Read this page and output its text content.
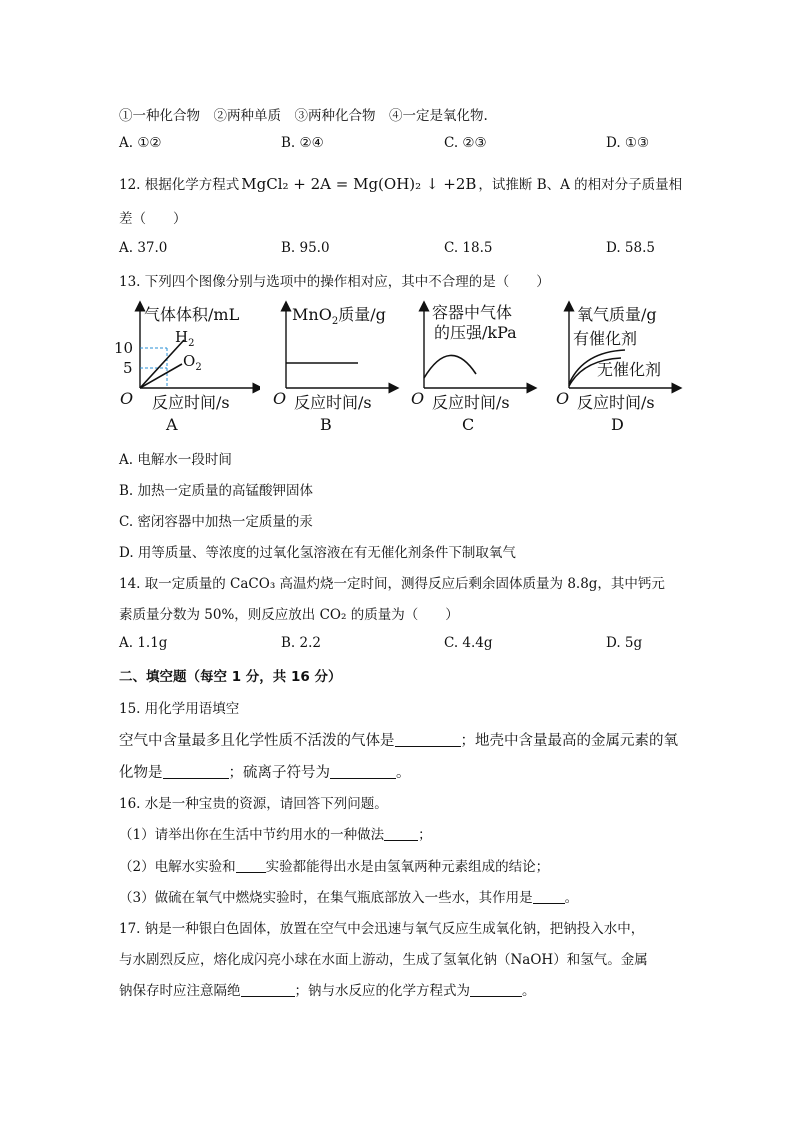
①一种化合物　②两种单质　③两种化合物　④一定是氧化物.
A. ①②	B. ②④	C. ②③	D. ①③
12. 根据化学方程式 MgCl₂ + 2A = Mg(OH)₂ ↓ +2B ，试推断 B、A 的相对分子质量相
差（　　）
A. 37.0	B. 95.0	C. 18.5	D. 58.5
13. 下列四个图像分别与选项中的操作相对应，其中不合理的是（　　）
10
5
气体体积/mL
$H_2$
$O_2$
O 反应时间/s
A
MnO$_2$质量/g
O 反应时间/s
B
容器中气体
的压强/kPa
O 反应时间/s
C
氧气质量/g
有催化剂
无催化剂
O 反应时间/s
D
A. 电解水一段时间
B. 加热一定质量的高锰酸钾固体
C. 密闭容器中加热一定质量的汞
D. 用等质量、等浓度的过氧化氢溶液在有无催化剂条件下制取氧气
14. 取一定质量的 CaCO₃ 高温灼烧一定时间，测得反应后剩余固体质量为 8.8g，其中钙元
素质量分数为 50%，则反应放出 CO₂ 的质量为（　　）
A. 1.1g	B. 2.2	C. 4.4g	D. 5g
二、填空题（每空 1 分，共 16 分）
15. 用化学用语填空
空气中含量最多且化学性质不活泼的气体是	；地壳中含量最高的金属元素的氧
化物是	；硫离子符号为	。
16. 水是一种宝贵的资源，请回答下列问题。
（1）请举出你在生活中节约用水的一种做法	；
（2）电解水实验和 实验都能得出水是由氢氧两种元素组成的结论；
（3）做硫在氧气中燃烧实验时，在集气瓶底部放入一些水，其作用是 。
17. 钠是一种银白色固体，放置在空气中会迅速与氧气反应生成氧化钠，把钠投入水中，
与水剧烈反应，熔化成闪亮小球在水面上游动，生成了氢氧化钠（NaOH）和氢气。金属
钠保存时应注意隔绝	；钠与水反应的化学方程式为	。
